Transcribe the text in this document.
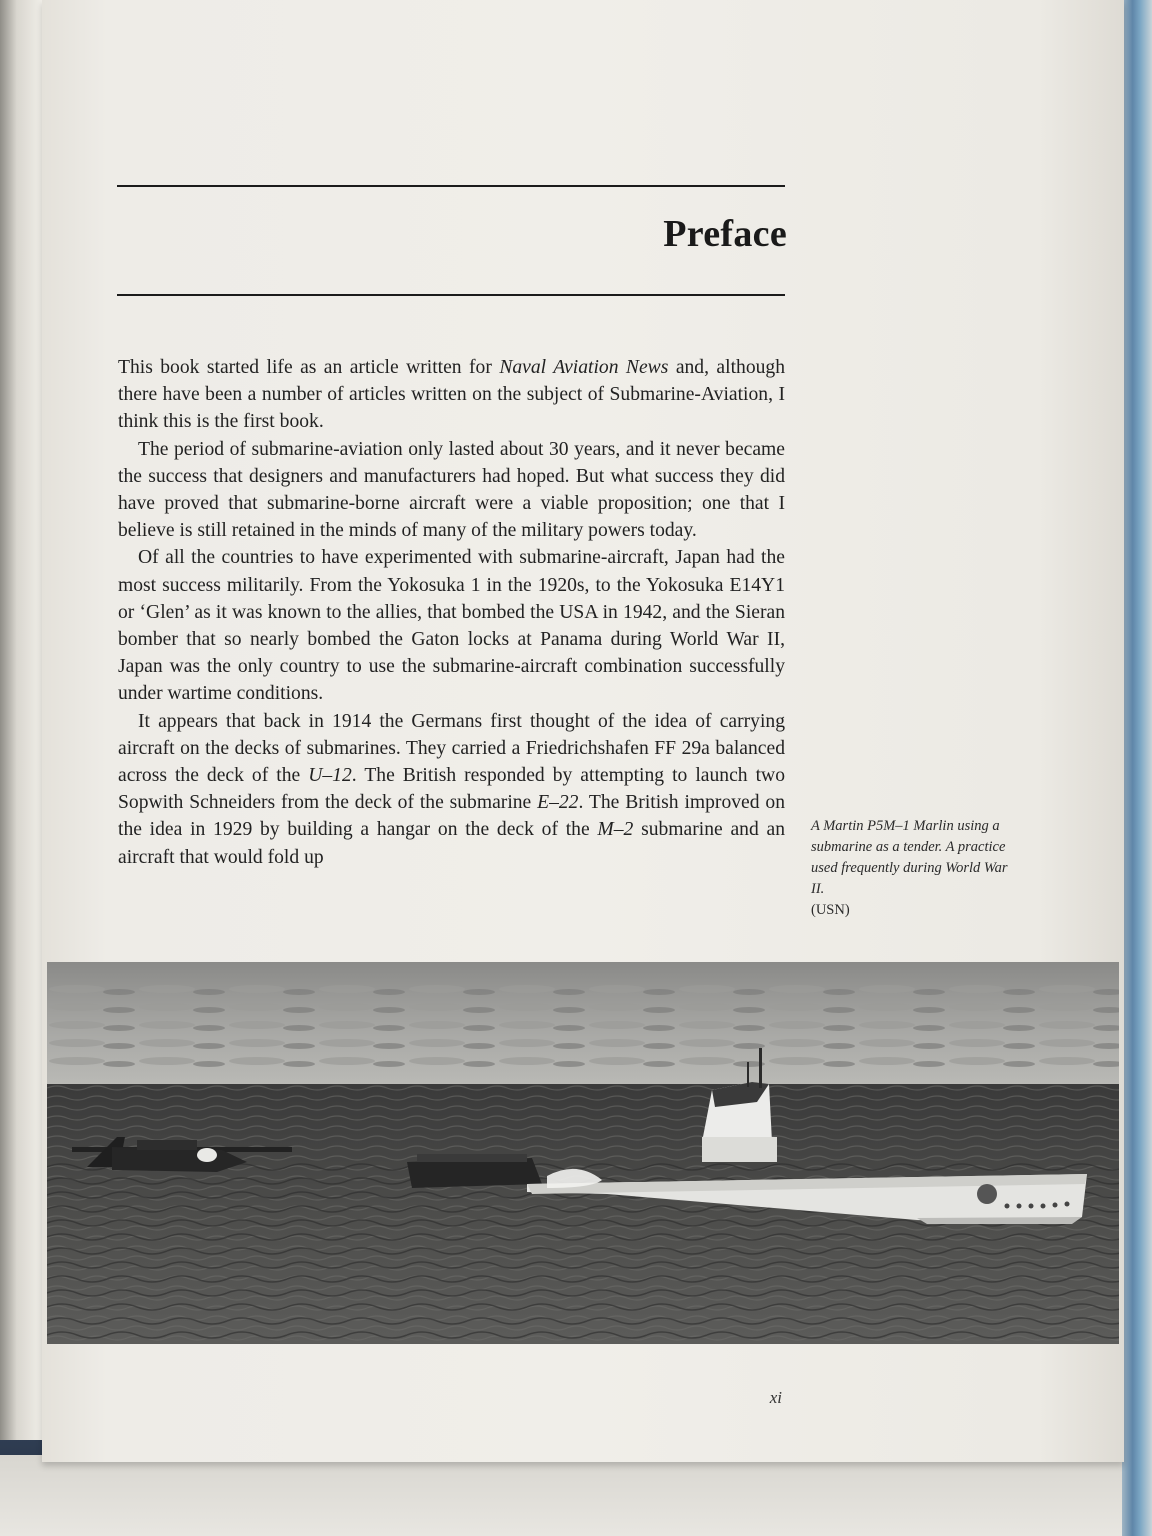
Preface

This book started life as an article written for Naval Aviation News and, although there have been a number of articles written on the subject of Submarine-Aviation, I think this is the first book.

The period of submarine-aviation only lasted about 30 years, and it never became the success that designers and manufacturers had hoped. But what success they did have proved that submarine-borne aircraft were a viable proposition; one that I believe is still retained in the minds of many of the military powers today.

Of all the countries to have experimented with submarine-aircraft, Japan had the most success militarily. From the Yokosuka 1 in the 1920s, to the Yokosuka E14Y1 or ‘Glen’ as it was known to the allies, that bombed the USA in 1942, and the Sieran bomber that so nearly bombed the Gaton locks at Panama during World War II, Japan was the only country to use the submarine-aircraft combination successfully under wartime conditions.

It appears that back in 1914 the Germans first thought of the idea of carrying aircraft on the decks of submarines. They carried a Friedrichshafen FF 29a balanced across the deck of the U–12. The British responded by attempting to launch two Sopwith Schneiders from the deck of the submarine E–22. The British improved on the idea in 1929 by building a hangar on the deck of the M–2 submarine and an aircraft that would fold up

A Martin P5M–1 Marlin using a submarine as a tender. A practice used frequently during World War II.
(USN)
xi
